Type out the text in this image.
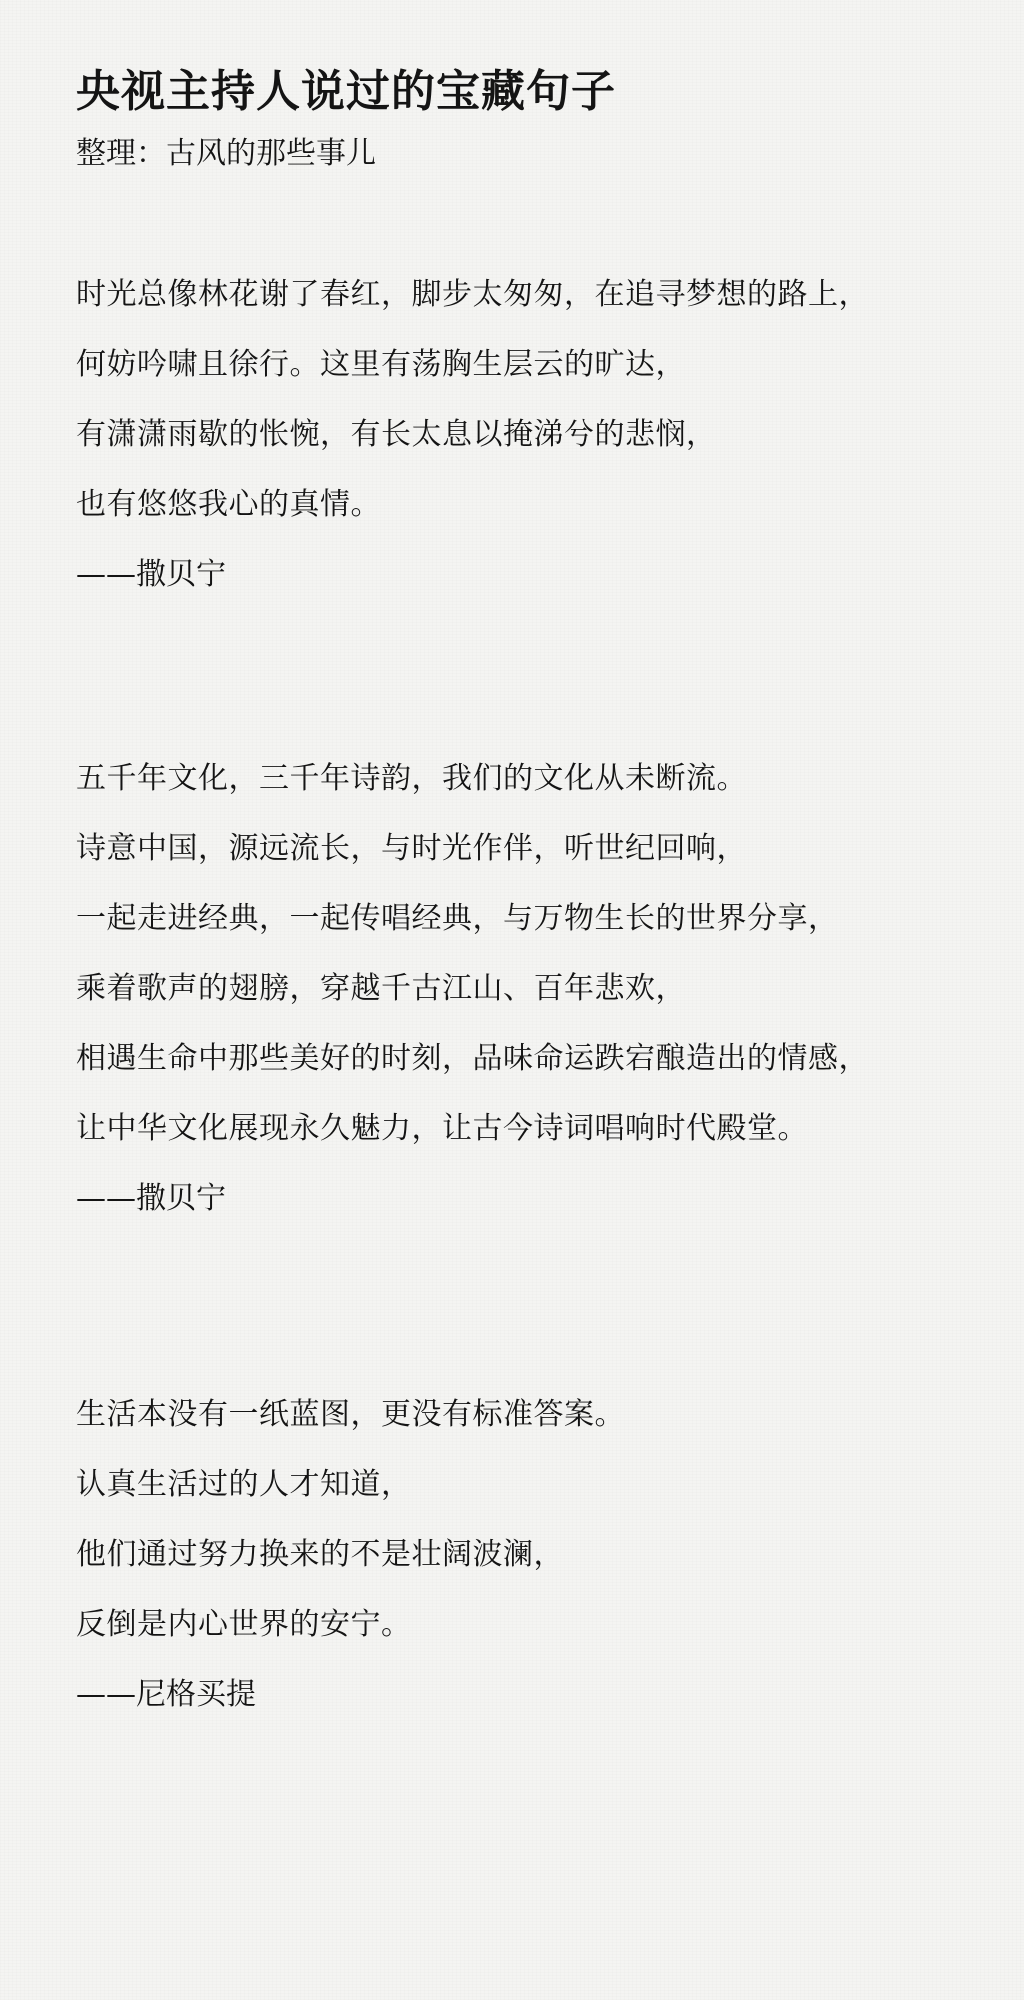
央视主持人说过的宝藏句子
整理：古风的那些事儿
时光总像林花谢了春红，脚步太匆匆，在追寻梦想的路上，
何妨吟啸且徐行。这里有荡胸生层云的旷达，
有潇潇雨歇的怅惋，有长太息以掩涕兮的悲悯，
也有悠悠我心的真情。
——撒贝宁
五千年文化，三千年诗韵，我们的文化从未断流。
诗意中国，源远流长，与时光作伴，听世纪回响，
一起走进经典，一起传唱经典，与万物生长的世界分享，
乘着歌声的翅膀，穿越千古江山、百年悲欢，
相遇生命中那些美好的时刻，品味命运跌宕酿造出的情感，
让中华文化展现永久魅力，让古今诗词唱响时代殿堂。
——撒贝宁
生活本没有一纸蓝图，更没有标准答案。
认真生活过的人才知道，
他们通过努力换来的不是壮阔波澜，
反倒是内心世界的安宁。
——尼格买提
